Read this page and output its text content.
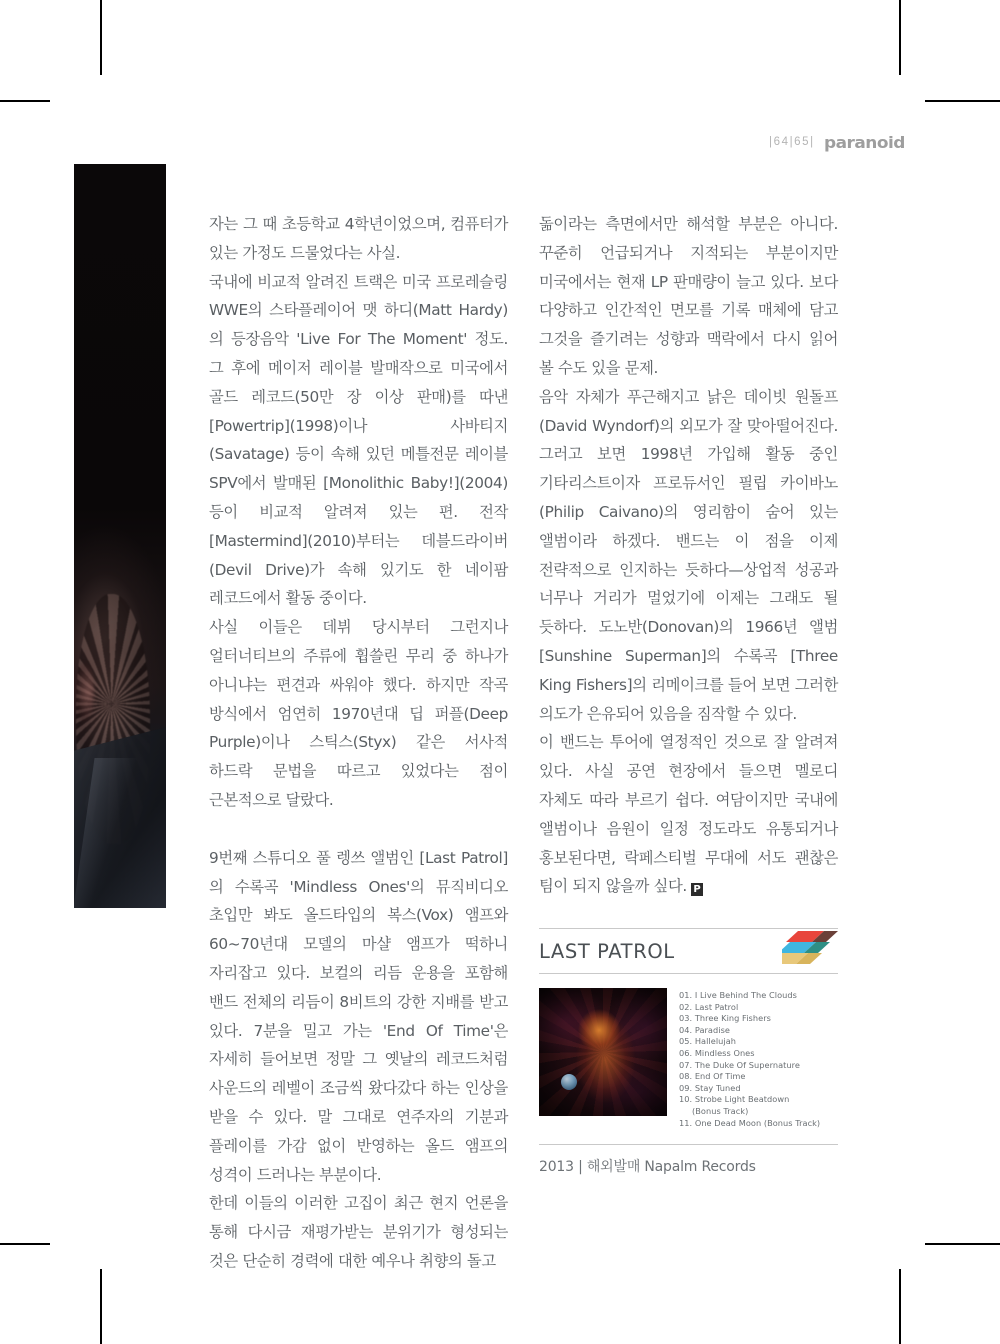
|64|65| paranoid

자는 그 때 초등학교 4학년이었으며, 컴퓨터가 있는 가정도 드물었다는 사실.

국내에 비교적 알려진 트랙은 미국 프로레슬링 WWE의 스타플레이어 맷 하디(Matt Hardy)의 등장음악 'Live For The Moment' 정도. 그 후에 메이저 레이블 발매작으로 미국에서 골드 레코드(50만 장 이상 판매)를 따낸 [Powertrip](1998)이나 사바티지(Savatage) 등이 속해 있던 메틀전문 레이블 SPV에서 발매된 [Monolithic Baby!](2004)등이 비교적 알려져 있는 편. 전작 [Mastermind](2010)부터는 데블드라이버(Devil Drive)가 속해 있기도 한 네이팜 레코드에서 활동 중이다.

사실 이들은 데뷔 당시부터 그런지나 얼터너티브의 주류에 휩쓸린 무리 중 하나가 아니냐는 편견과 싸워야 했다. 하지만 작곡 방식에서 엄연히 1970년대 딥 퍼플(Deep Purple)이나 스틱스(Styx) 같은 서사적 하드락 문법을 따르고 있었다는 점이 근본적으로 달랐다.

9번째 스튜디오 풀 렝쓰 앨범인 [Last Patrol]의 수록곡 'Mindless Ones'의 뮤직비디오 초입만 봐도 올드타입의 복스(Vox) 앰프와 60~70년대 모델의 마샬 앰프가 떡하니 자리잡고 있다. 보컬의 리듬 운용을 포함해 밴드 전체의 리듬이 8비트의 강한 지배를 받고 있다. 7분을 밀고 가는 'End Of Time'은 자세히 들어보면 정말 그 옛날의 레코드처럼 사운드의 레벨이 조금씩 왔다갔다 하는 인상을 받을 수 있다. 말 그대로 연주자의 기분과 플레이를 가감 없이 반영하는 올드 앰프의 성격이 드러나는 부분이다.

한데 이들의 이러한 고집이 최근 현지 언론을 통해 다시금 재평가받는 분위기가 형성되는 것은 단순히 경력에 대한 예우나 취향의 돌고

돎이라는 측면에서만 해석할 부분은 아니다. 꾸준히 언급되거나 지적되는 부분이지만 미국에서는 현재 LP 판매량이 늘고 있다. 보다 다양하고 인간적인 면모를 기록 매체에 담고 그것을 즐기려는 성향과 맥락에서 다시 읽어 볼 수도 있을 문제.

음악 자체가 푸근해지고 낡은 데이빗 원돌프(David Wyndorf)의 외모가 잘 맞아떨어진다. 그러고 보면 1998년 가입해 활동 중인 기타리스트이자 프로듀서인 필립 카이바노(Philip Caivano)의 영리함이 숨어 있는 앨범이라 하겠다. 밴드는 이 점을 이제 전략적으로 인지하는 듯하다—상업적 성공과 너무나 거리가 멀었기에 이제는 그래도 될 듯하다. 도노반(Donovan)의 1966년 앨범 [Sunshine Superman]의 수록곡 [Three King Fishers]의 리메이크를 들어 보면 그러한 의도가 은유되어 있음을 짐작할 수 있다.

이 밴드는 투어에 열정적인 것으로 잘 알려져 있다. 사실 공연 현장에서 들으면 멜로디 자체도 따라 부르기 쉽다. 여담이지만 국내에 앨범이나 음원이 일정 정도라도 유통되거나 홍보된다면, 락페스티벌 무대에 서도 괜찮은 팀이 되지 않을까 싶다. P

LAST PATROL
01. I Live Behind The Clouds
02. Last Patrol
03. Three King Fishers
04. Paradise
05. Hallelujah
06. Mindless Ones
07. The Duke Of Supernature
08. End Of Time
09. Stay Tuned
10. Strobe Light Beatdown
(Bonus Track)
11. One Dead Moon (Bonus Track)
2013 | 해외발매 Napalm Records
